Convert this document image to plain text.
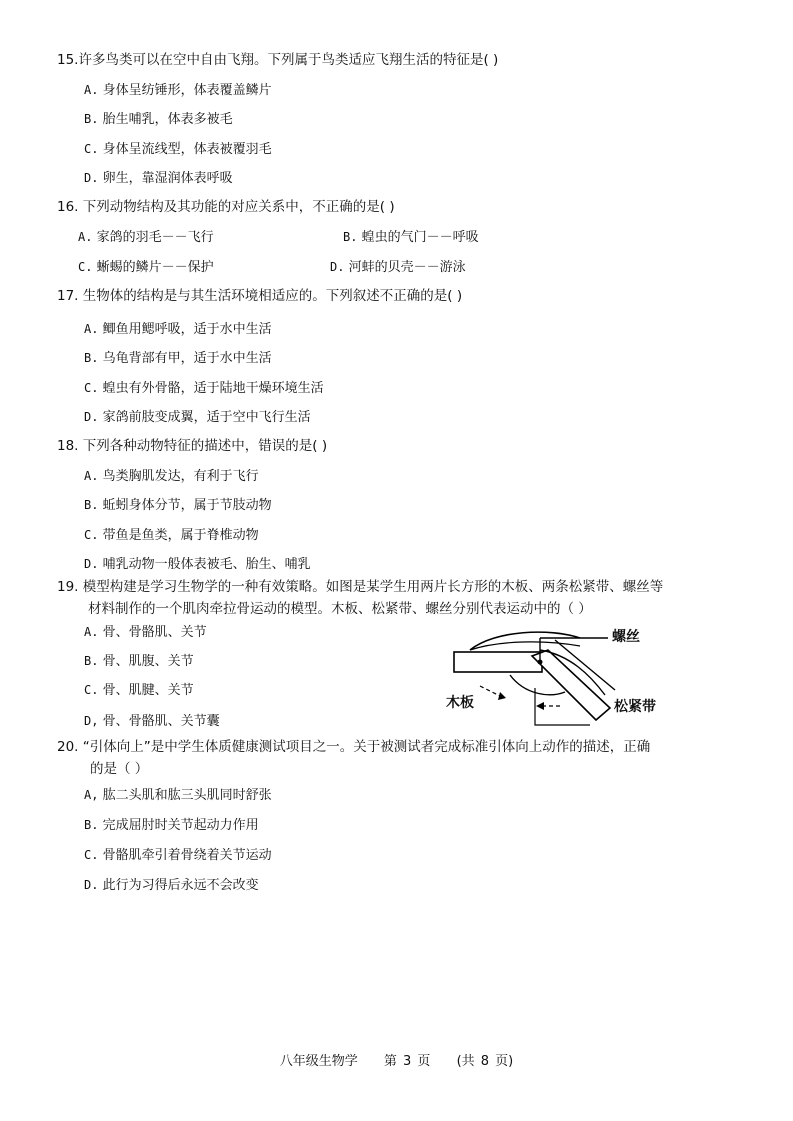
15.许多鸟类可以在空中自由飞翔。下列属于鸟类适应飞翔生活的特征是( )
A. 身体呈纺锤形，体表覆盖鳞片
B. 胎生哺乳，体表多被毛
C. 身体呈流线型，体表被覆羽毛
D. 卵生，靠湿润体表呼吸
16. 下列动物结构及其功能的对应关系中，不正确的是( )
A. 家鸽的羽毛－－飞行	B. 蝗虫的气门－－呼吸
C. 蜥蜴的鳞片－－保护	D. 河蚌的贝壳－－游泳
17. 生物体的结构是与其生活环境相适应的。下列叙述不正确的是( )
A. 鲫鱼用鳃呼吸，适于水中生活
B. 乌龟背部有甲，适于水中生活
C. 蝗虫有外骨骼，适于陆地干燥环境生活
D. 家鸽前肢变成翼，适于空中飞行生活
18. 下列各种动物特征的描述中，错误的是( )
A. 鸟类胸肌发达，有利于飞行
B. 蚯蚓身体分节，属于节肢动物
C. 带鱼是鱼类，属于脊椎动物
D. 哺乳动物一般体表被毛、胎生、哺乳
19. 模型构建是学习生物学的一种有效策略。如图是某学生用两片长方形的木板、两条松紧带、螺丝等
材料制作的一个肌肉牵拉骨运动的模型。木板、松紧带、螺丝分别代表运动中的（ ）
A. 骨、骨骼肌、关节
B. 骨、肌腹、关节
C. 骨、肌腱、关节
D, 骨、骨骼肌、关节囊
螺丝
木板	松紧带
20. “引体向上”是中学生体质健康测试项目之一。关于被测试者完成标准引体向上动作的描述，正确
的是（ ）
A, 肱二头肌和肱三头肌同时舒张
B. 完成屈肘时关节起动力作用
C. 骨骼肌牵引着骨绕着关节运动
D. 此行为习得后永远不会改变
八年级生物学 第 3 页 (共 8 页)
